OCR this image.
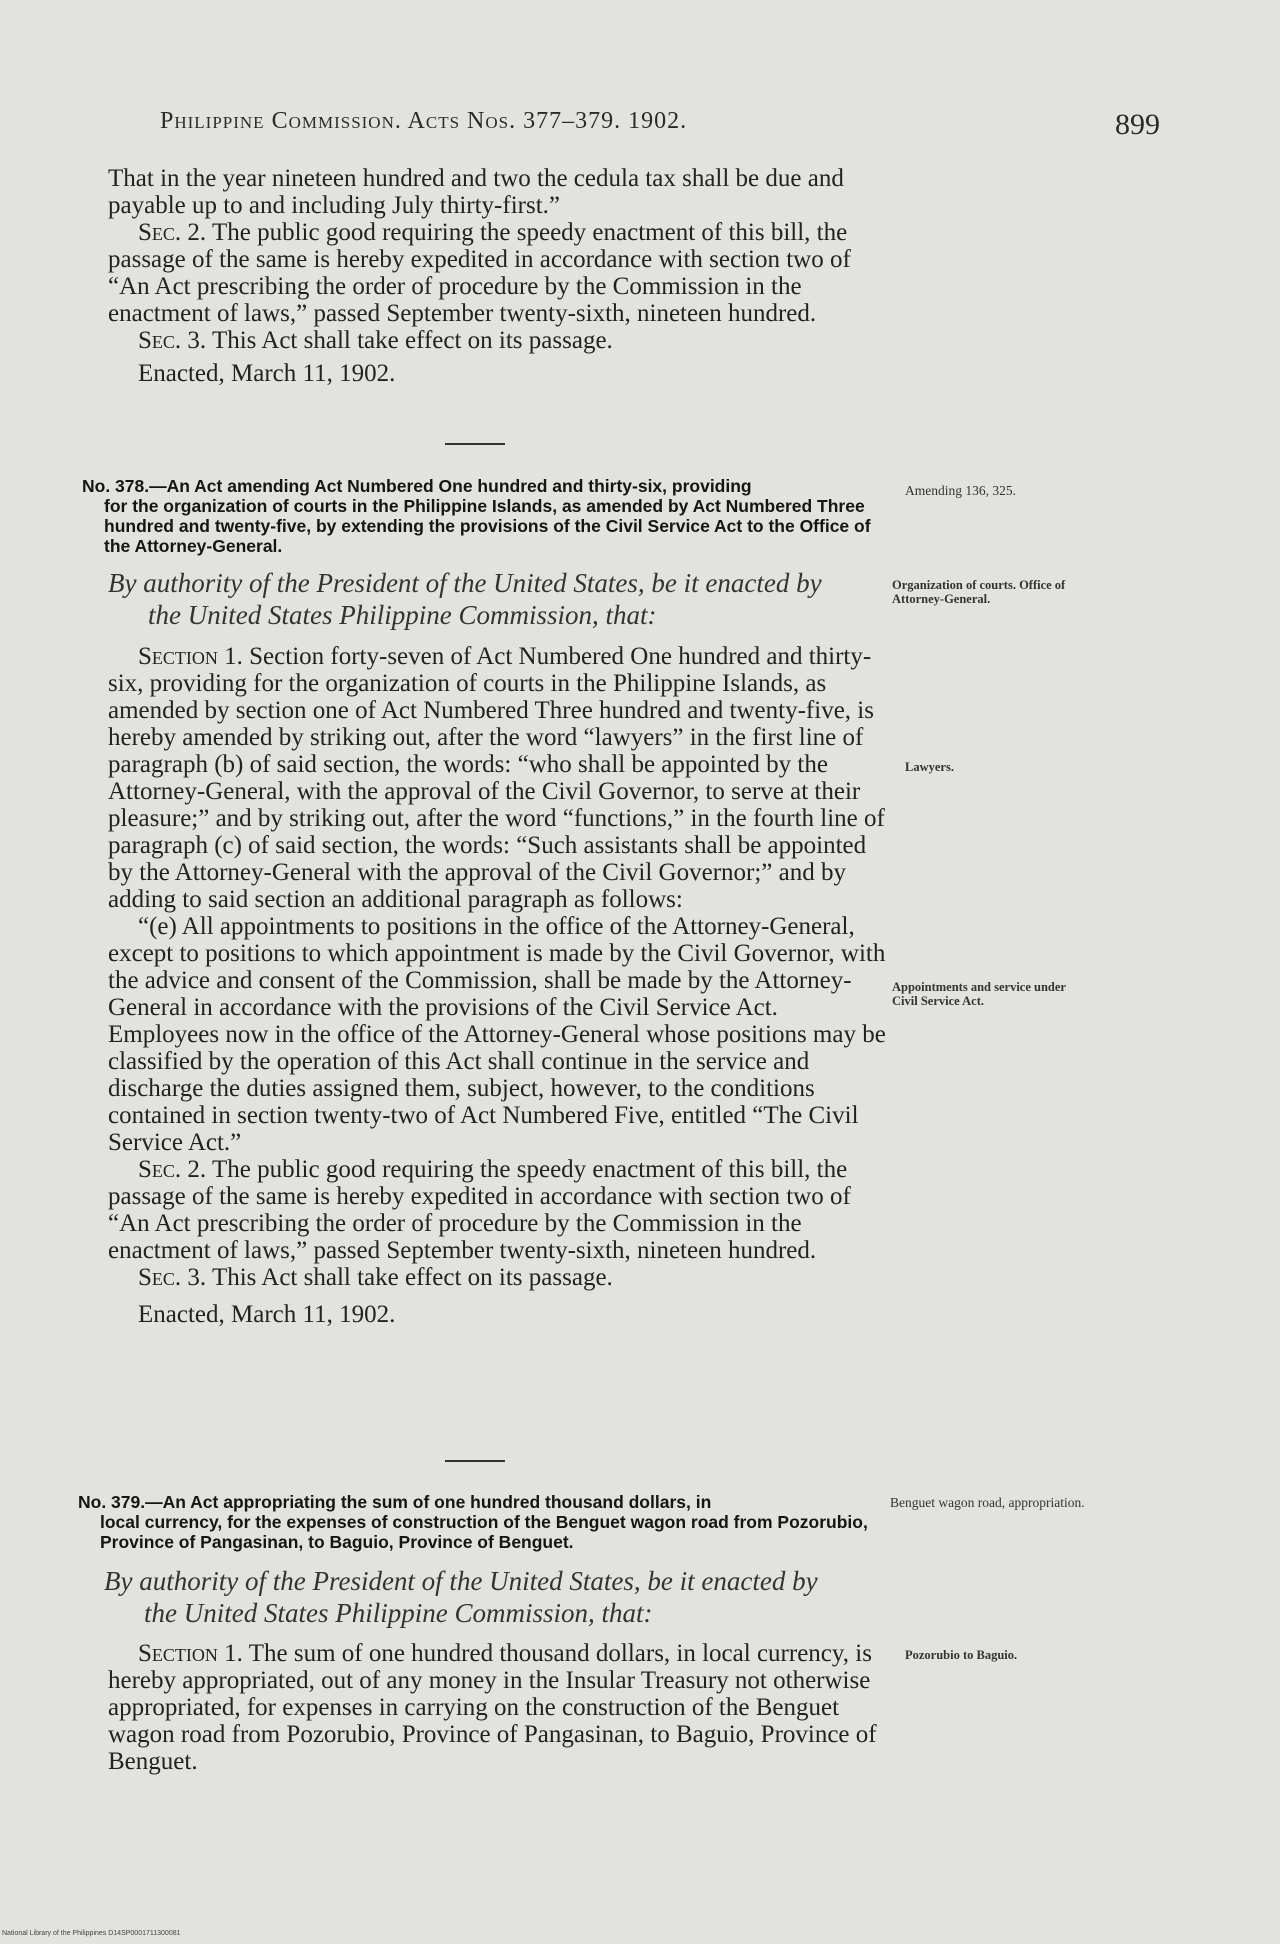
Philippine Commission. Acts Nos. 377–379. 1902.	899

That in the year nineteen hundred and two the cedula tax shall be due and payable up to and including July thirty-first.”

Sec. 2. The public good requiring the speedy enactment of this bill, the passage of the same is hereby expedited in accordance with section two of “An Act prescribing the order of procedure by the Commission in the enactment of laws,” passed September twenty-sixth, nineteen hundred.

Sec. 3. This Act shall take effect on its passage.

Enacted, March 11, 1902.

No. 378.—An Act amending Act Numbered One hundred and thirty-six, providing
for the organization of courts in the Philippine Islands, as amended by Act Numbered Three hundred and twenty-five, by extending the provisions of the Civil Service Act to the Office of the Attorney-General.
By authority of the President of the United States, be it enacted by
the United States Philippine Commission, that:

Section 1. Section forty-seven of Act Numbered One hundred and thirty-six, providing for the organization of courts in the Philippine Islands, as amended by section one of Act Numbered Three hundred and twenty-five, is hereby amended by striking out, after the word “lawyers” in the first line of paragraph (b) of said section, the words: “who shall be appointed by the Attorney-General, with the approval of the Civil Governor, to serve at their pleasure;” and by striking out, after the word “functions,” in the fourth line of paragraph (c) of said section, the words: “Such assistants shall be appointed by the Attorney-General with the approval of the Civil Governor;” and by adding to said section an additional paragraph as follows:

“(e) All appointments to positions in the office of the Attorney-General, except to positions to which appointment is made by the Civil Governor, with the advice and consent of the Commission, shall be made by the Attorney-General in accordance with the provisions of the Civil Service Act. Employees now in the office of the Attorney-General whose positions may be classified by the operation of this Act shall continue in the service and discharge the duties assigned them, subject, however, to the conditions contained in section twenty-two of Act Numbered Five, entitled “The Civil Service Act.”

Sec. 2. The public good requiring the speedy enactment of this bill, the passage of the same is hereby expedited in accordance with section two of “An Act prescribing the order of procedure by the Commission in the enactment of laws,” passed September twenty-sixth, nineteen hundred.

Sec. 3. This Act shall take effect on its passage.

Enacted, March 11, 1902.

No. 379.—An Act appropriating the sum of one hundred thousand dollars, in
local currency, for the expenses of construction of the Benguet wagon road from Pozorubio, Province of Pangasinan, to Baguio, Province of Benguet.
By authority of the President of the United States, be it enacted by
the United States Philippine Commission, that:

Section 1. The sum of one hundred thousand dollars, in local currency, is hereby appropriated, out of any money in the Insular Treasury not otherwise appropriated, for expenses in carrying on the construction of the Benguet wagon road from Pozorubio, Province of Pangasinan, to Baguio, Province of Benguet.

Amending 136, 325.
Organization of courts. Office of Attorney-General.
Lawyers.
Appointments and service under Civil Service Act.
Benguet wagon road, appropriation.
Pozorubio to Baguio.
National Library of the Philippines D14SP0001711300081
